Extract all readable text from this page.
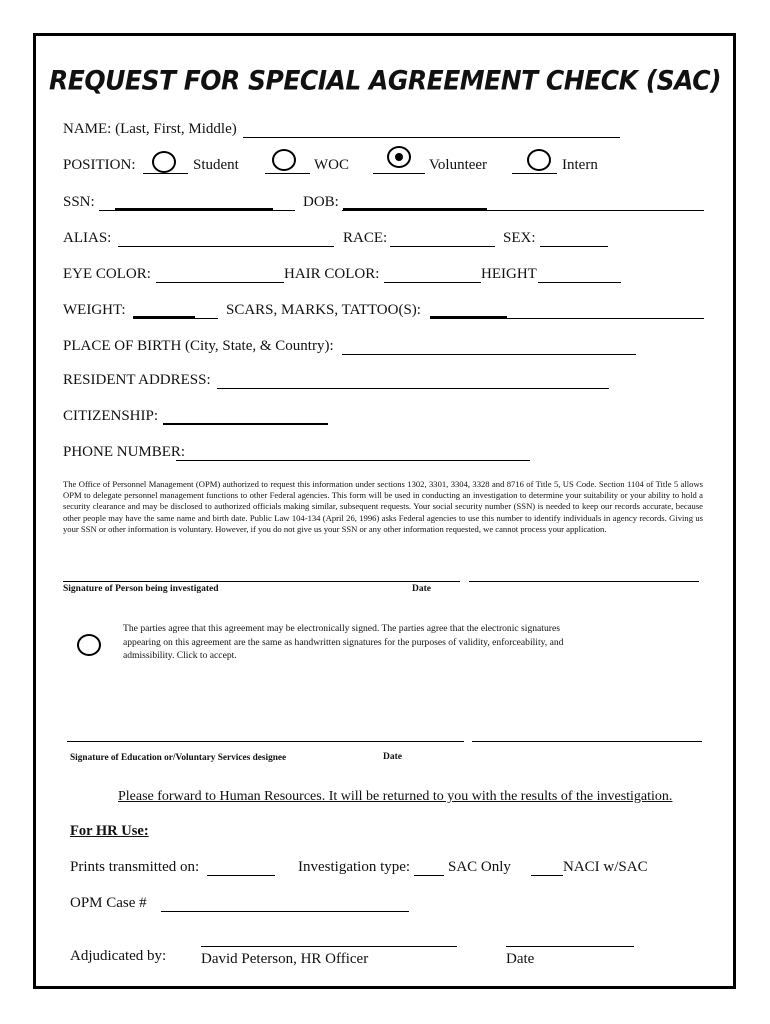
REQUEST FOR SPECIAL AGREEMENT CHECK (SAC)
NAME: (Last, First, Middle)
POSITION:	Student	WOC	Volunteer	Intern
SSN:	DOB:
ALIAS:	RACE:	SEX:
EYE COLOR:	HAIR COLOR:	HEIGHT
WEIGHT:	SCARS, MARKS, TATTOO(S):
PLACE OF BIRTH (City, State, & Country):
RESIDENT ADDRESS:
CITIZENSHIP:
PHONE NUMBER:
The Office of Personnel Management (OPM) authorized to request this information under sections 1302, 3301, 3304, 3328 and 8716 of Title 5, US Code. Section 1104 of Title 5 allows OPM to delegate personnel management functions to other Federal agencies. This form will be used in conducting an investigation to determine your suitability or your ability to hold a security clearance and may be disclosed to authorized officials making similar, subsequent requests. Your social security number (SSN) is needed to keep our records accurate, because other people may have the same name and birth date. Public Law 104-134 (April 26, 1996) asks Federal agencies to use this number to identify individuals in agency records. Giving us your SSN or other information is voluntary. However, if you do not give us your SSN or any other information requested, we cannot process your application.
Signature of Person being investigated	Date
The parties agree that this agreement may be electronically signed. The parties agree that the electronic signatures appearing on this agreement are the same as handwritten signatures for the purposes of validity, enforceability, and admissibility. Click to accept.
Signature of Education or/Voluntary Services designee	Date
Please forward to Human Resources. It will be returned to you with the results of the investigation.
For HR Use:
Prints transmitted on:	Investigation type:	SAC Only	NACI w/SAC
OPM Case #
Adjudicated by: David Peterson, HR Officer	Date
